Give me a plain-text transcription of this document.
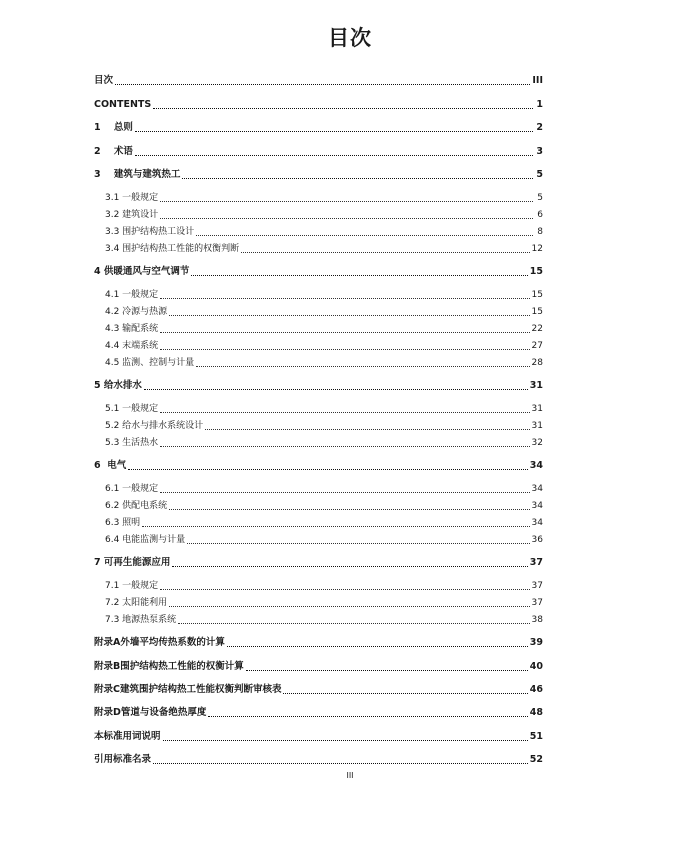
目次
目次	III
CONTENTS	1
1    总则	2
2    术语	3
3    建筑与建筑热工	5
3.1 一般规定	5
3.2 建筑设计	6
3.3 围护结构热工设计	8
3.4 围护结构热工性能的权衡判断	12
4 供暖通风与空气调节	15
4.1 一般规定	15
4.2 冷源与热源	15
4.3 输配系统	22
4.4 末端系统	27
4.5 监测、控制与计量	28
5 给水排水	31
5.1 一般规定	31
5.2 给水与排水系统设计	31
5.3 生活热水	32
6  电气	34
6.1 一般规定	34
6.2 供配电系统	34
6.3 照明	34
6.4 电能监测与计量	36
7 可再生能源应用	37
7.1 一般规定	37
7.2 太阳能利用	37
7.3 地源热泵系统	38
附录A外墙平均传热系数的计算	39
附录B围护结构热工性能的权衡计算	40
附录C建筑围护结构热工性能权衡判断审核表	46
附录D管道与设备绝热厚度	48
本标准用词说明	51
引用标准名录	52
III
